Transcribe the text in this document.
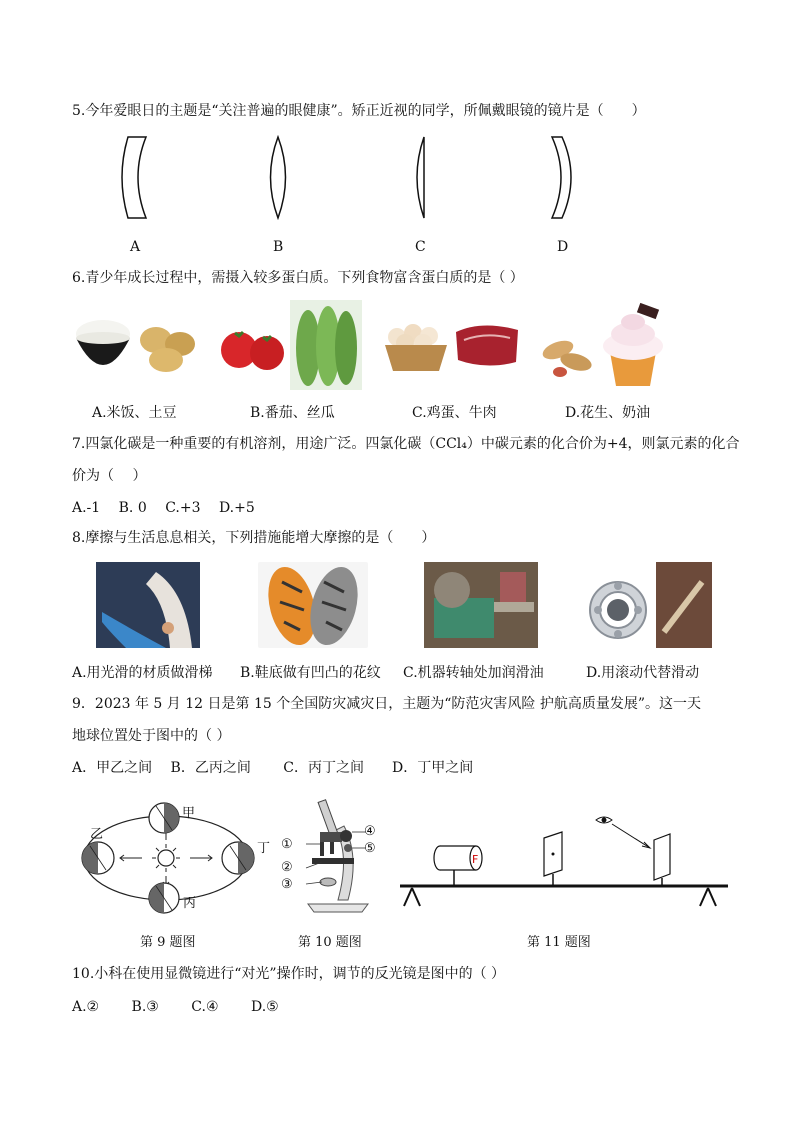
5.今年爱眼日的主题是“关注普遍的眼健康”。矫正近视的同学，所佩戴眼镜的镜片是（　　）
A	B	C	D
6.青少年成长过程中，需摄入较多蛋白质。下列食物富含蛋白质的是（ ）
A.米饭、土豆	B.番茄、丝瓜	C.鸡蛋、牛肉	D.花生、奶油
7.四氯化碳是一种重要的有机溶剂，用途广泛。四氯化碳（CCl₄）中碳元素的化合价为+4，则氯元素的化合
价为（　 ）
A.-1　 B. 0　 C.+3　 D.+5
8.摩擦与生活息息相关，下列措施能增大摩擦的是（　　）
A.用光滑的材质做滑梯 B.鞋底做有凹凸的花纹 C.机器转轴处加润滑油	D.用滚动代替滑动
9．2023 年 5 月 12 日是第 15 个全国防灾减灾日，主题为“防范灾害风险 护航高质量发展”。这一天
地球位置处于图中的（ ）
A．甲乙之间　 B．乙丙之间　　 C．丙丁之间　　D．丁甲之间
甲
乙
丙
丁 ①
②
③
④
⑤
F
第 9 题图	第 10 题图	第 11 题图
10.小科在使用显微镜进行“对光”操作时，调节的反光镜是图中的（ ）
A.②　　 B.③　　 C.④　　 D.⑤
